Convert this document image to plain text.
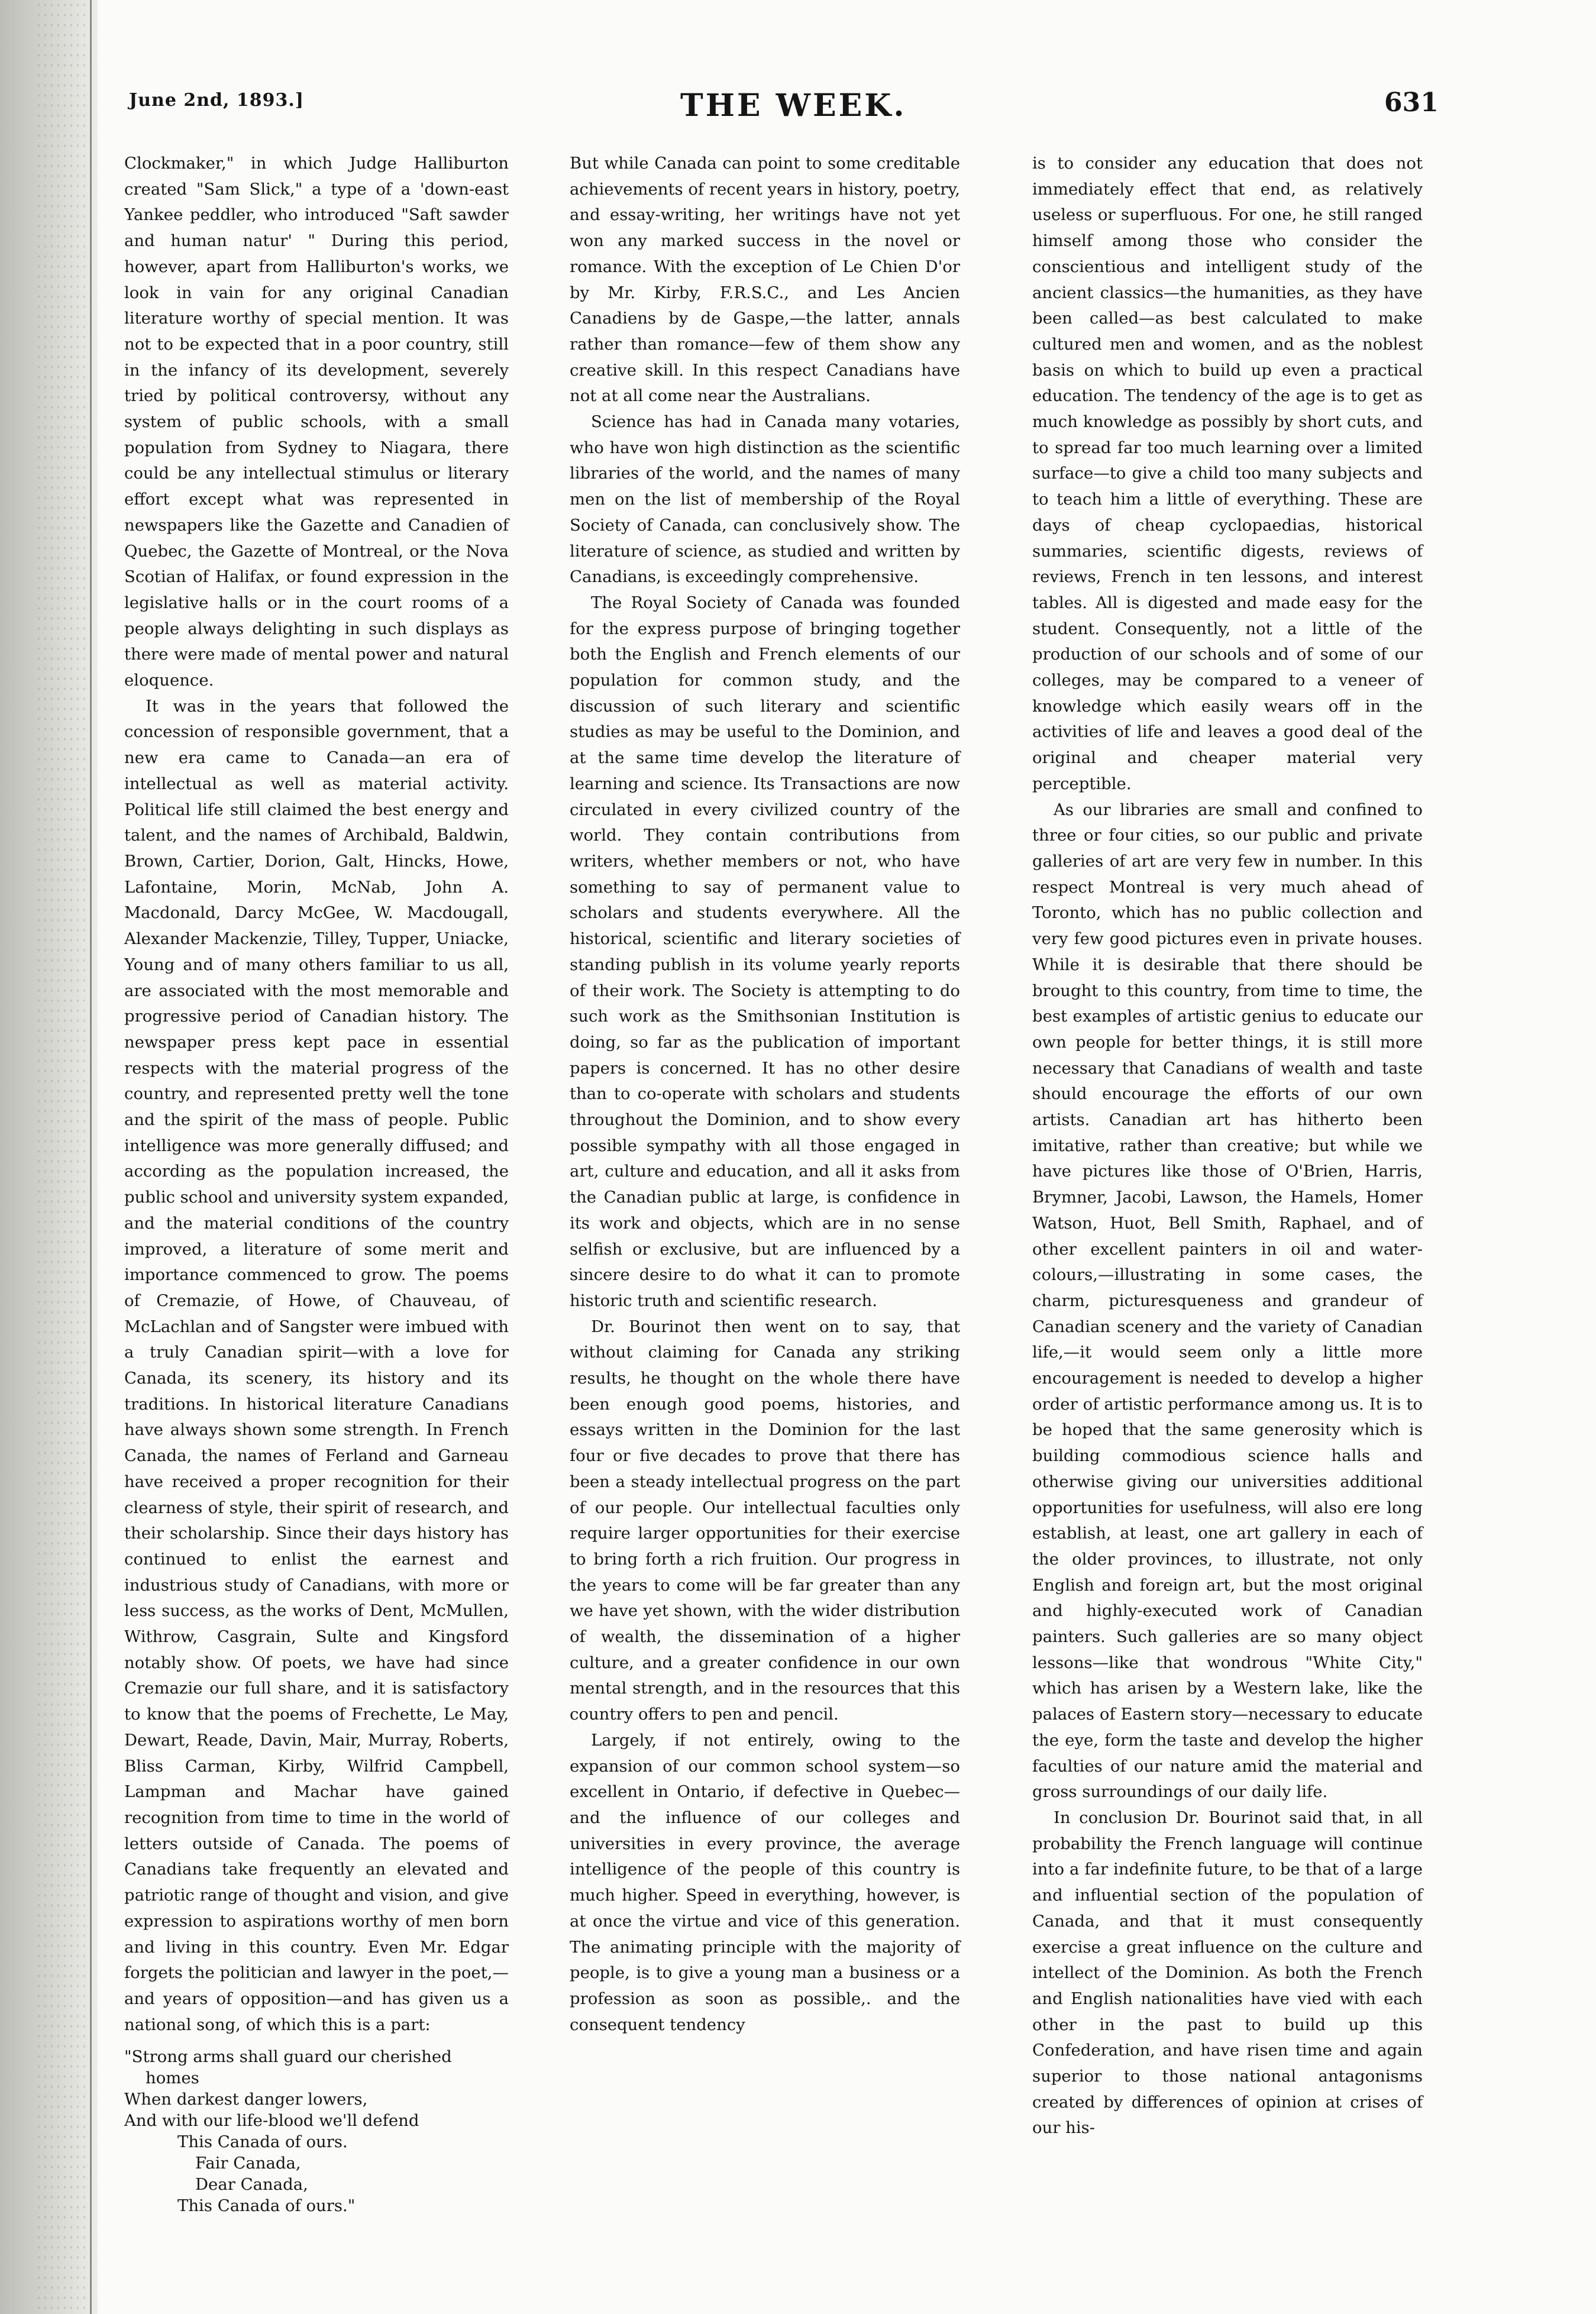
June 2nd, 1893.]	THE WEEK.	631

Clockmaker," in which Judge Halliburton created "Sam Slick," a type of a 'down-east Yankee peddler, who introduced "Saft sawder and human natur' " During this period, however, apart from Halliburton's works, we look in vain for any original Canadian literature worthy of special mention. It was not to be expected that in a poor country, still in the infancy of its development, severely tried by political controversy, without any system of public schools, with a small population from Sydney to Niagara, there could be any intellectual stimulus or literary effort except what was represented in newspapers like the Gazette and Canadien of Quebec, the Gazette of Montreal, or the Nova Scotian of Halifax, or found expression in the legislative halls or in the court rooms of a people always delighting in such displays as there were made of mental power and natural eloquence.

It was in the years that followed the concession of responsible government, that a new era came to Canada—an era of intellectual as well as material activity. Political life still claimed the best energy and talent, and the names of Archibald, Baldwin, Brown, Cartier, Dorion, Galt, Hincks, Howe, Lafontaine, Morin, McNab, John A. Macdonald, Darcy McGee, W. Macdougall, Alexander Mackenzie, Tilley, Tupper, Uniacke, Young and of many others familiar to us all, are associated with the most memorable and progressive period of Canadian history. The newspaper press kept pace in essential respects with the material progress of the country, and represented pretty well the tone and the spirit of the mass of people. Public intelligence was more generally diffused; and according as the population increased, the public school and university system expanded, and the material conditions of the country improved, a literature of some merit and importance commenced to grow. The poems of Cremazie, of Howe, of Chauveau, of McLachlan and of Sangster were imbued with a truly Canadian spirit—with a love for Canada, its scenery, its history and its traditions. In historical literature Canadians have always shown some strength. In French Canada, the names of Ferland and Garneau have received a proper recognition for their clearness of style, their spirit of research, and their scholarship. Since their days history has continued to enlist the earnest and industrious study of Canadians, with more or less success, as the works of Dent, McMullen, Withrow, Casgrain, Sulte and Kingsford notably show. Of poets, we have had since Cremazie our full share, and it is satisfactory to know that the poems of Frechette, Le May, Dewart, Reade, Davin, Mair, Murray, Roberts, Bliss Carman, Kirby, Wilfrid Campbell, Lampman and Machar have gained recognition from time to time in the world of letters outside of Canada. The poems of Canadians take frequently an elevated and patriotic range of thought and vision, and give expression to aspirations worthy of men born and living in this country. Even Mr. Edgar forgets the politician and lawyer in the poet,—and years of opposition—and has given us a national song, of which this is a part:

"Strong arms shall guard our cherished
homes
When darkest danger lowers,
And with our life-blood we'll defend
This Canada of ours.
Fair Canada,
Dear Canada,
This Canada of ours."

But while Canada can point to some creditable achievements of recent years in history, poetry, and essay-writing, her writings have not yet won any marked success in the novel or romance. With the exception of Le Chien D'or by Mr. Kirby, F.R.S.C., and Les Ancien Canadiens by de Gaspe,—the latter, annals rather than romance—few of them show any creative skill. In this respect Canadians have not at all come near the Australians.

Science has had in Canada many votaries, who have won high distinction as the scientific libraries of the world, and the names of many men on the list of membership of the Royal Society of Canada, can conclusively show. The literature of science, as studied and written by Canadians, is exceedingly comprehensive.

The Royal Society of Canada was founded for the express purpose of bringing together both the English and French elements of our population for common study, and the discussion of such literary and scientific studies as may be useful to the Dominion, and at the same time develop the literature of learning and science. Its Transactions are now circulated in every civilized country of the world. They contain contributions from writers, whether members or not, who have something to say of permanent value to scholars and students everywhere. All the historical, scientific and literary societies of standing publish in its volume yearly reports of their work. The Society is attempting to do such work as the Smithsonian Institution is doing, so far as the publication of important papers is concerned. It has no other desire than to co-operate with scholars and students throughout the Dominion, and to show every possible sympathy with all those engaged in art, culture and education, and all it asks from the Canadian public at large, is confidence in its work and objects, which are in no sense selfish or exclusive, but are influenced by a sincere desire to do what it can to promote historic truth and scientific research.

Dr. Bourinot then went on to say, that without claiming for Canada any striking results, he thought on the whole there have been enough good poems, histories, and essays written in the Dominion for the last four or five decades to prove that there has been a steady intellectual progress on the part of our people. Our intellectual faculties only require larger opportunities for their exercise to bring forth a rich fruition. Our progress in the years to come will be far greater than any we have yet shown, with the wider distribution of wealth, the dissemination of a higher culture, and a greater confidence in our own mental strength, and in the resources that this country offers to pen and pencil.

Largely, if not entirely, owing to the expansion of our common school system—so excellent in Ontario, if defective in Quebec—and the influence of our colleges and universities in every province, the average intelligence of the people of this country is much higher. Speed in everything, however, is at once the virtue and vice of this generation. The animating principle with the majority of people, is to give a young man a business or a profession as soon as possible,. and the consequent tendency

is to consider any education that does not immediately effect that end, as relatively useless or superfluous. For one, he still ranged himself among those who consider the conscientious and intelligent study of the ancient classics—the humanities, as they have been called—as best calculated to make cultured men and women, and as the noblest basis on which to build up even a practical education. The tendency of the age is to get as much knowledge as possibly by short cuts, and to spread far too much learning over a limited surface—to give a child too many subjects and to teach him a little of everything. These are days of cheap cyclopaedias, historical summaries, scientific digests, reviews of reviews, French in ten lessons, and interest tables. All is digested and made easy for the student. Consequently, not a little of the production of our schools and of some of our colleges, may be compared to a veneer of knowledge which easily wears off in the activities of life and leaves a good deal of the original and cheaper material very perceptible.

As our libraries are small and confined to three or four cities, so our public and private galleries of art are very few in number. In this respect Montreal is very much ahead of Toronto, which has no public collection and very few good pictures even in private houses. While it is desirable that there should be brought to this country, from time to time, the best examples of artistic genius to educate our own people for better things, it is still more necessary that Canadians of wealth and taste should encourage the efforts of our own artists. Canadian art has hitherto been imitative, rather than creative; but while we have pictures like those of O'Brien, Harris, Brymner, Jacobi, Lawson, the Hamels, Homer Watson, Huot, Bell Smith, Raphael, and of other excellent painters in oil and water-colours,—illustrating in some cases, the charm, picturesqueness and grandeur of Canadian scenery and the variety of Canadian life,—it would seem only a little more encouragement is needed to develop a higher order of artistic performance among us. It is to be hoped that the same generosity which is building commodious science halls and otherwise giving our universities additional opportunities for usefulness, will also ere long establish, at least, one art gallery in each of the older provinces, to illustrate, not only English and foreign art, but the most original and highly-executed work of Canadian painters. Such galleries are so many object lessons—like that wondrous "White City," which has arisen by a Western lake, like the palaces of Eastern story—necessary to educate the eye, form the taste and develop the higher faculties of our nature amid the material and gross surroundings of our daily life.

In conclusion Dr. Bourinot said that, in all probability the French language will continue into a far indefinite future, to be that of a large and influential section of the population of Canada, and that it must consequently exercise a great influence on the culture and intellect of the Dominion. As both the French and English nationalities have vied with each other in the past to build up this Confederation, and have risen time and again superior to those national antagonisms created by differences of opinion at crises of our his-
